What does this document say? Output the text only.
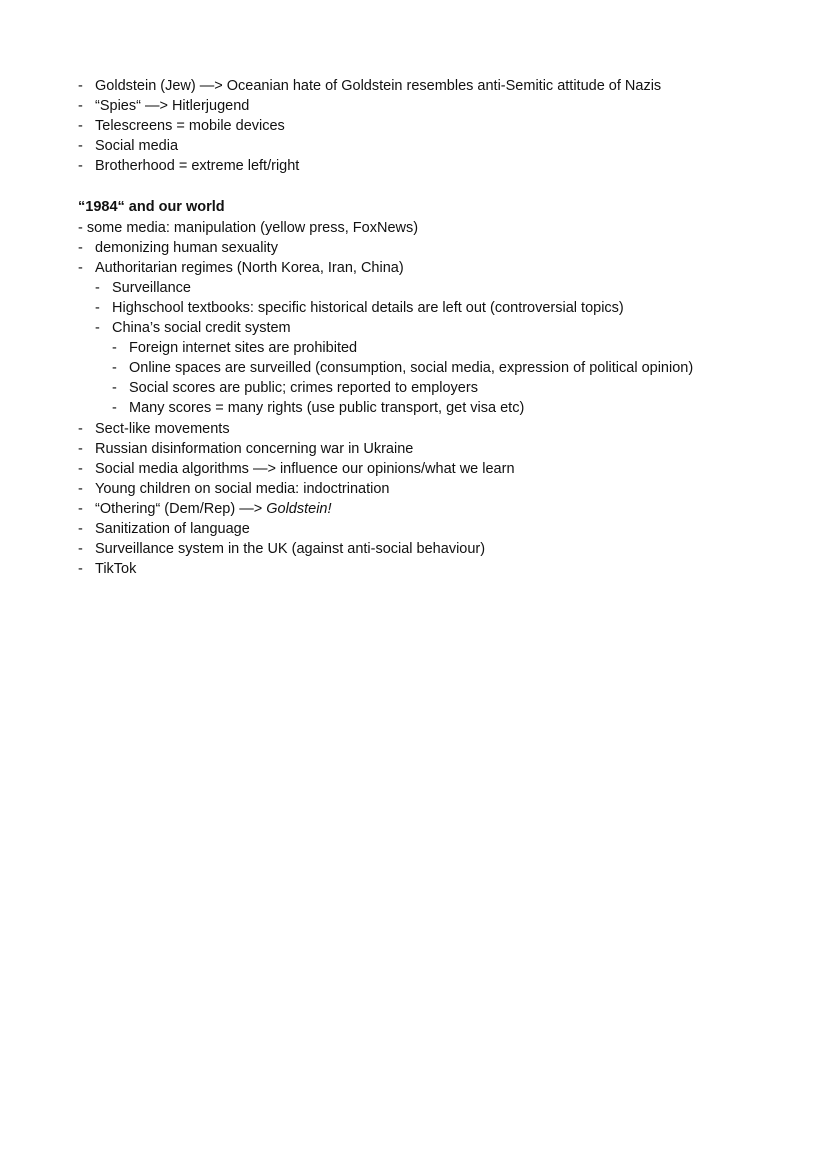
- Goldstein (Jew) —> Oceanian hate of Goldstein resembles anti-Semitic attitude of Nazis
- “Spies“ —> Hitlerjugend
- Telescreens = mobile devices
- Social media
- Brotherhood = extreme left/right
“1984“ and our world
- some media: manipulation (yellow press, FoxNews)
- demonizing human sexuality
- Authoritarian regimes (North Korea, Iran, China)
- Surveillance
- Highschool textbooks: specific historical details are left out (controversial topics)
- China’s social credit system
- Foreign internet sites are prohibited
- Online spaces are surveilled (consumption, social media, expression of political opinion)
- Social scores are public; crimes reported to employers
- Many scores = many rights (use public transport, get visa etc)
- Sect-like movements
- Russian disinformation concerning war in Ukraine
- Social media algorithms —> influence our opinions/what we learn
- Young children on social media: indoctrination
- “Othering“ (Dem/Rep) —> Goldstein!
- Sanitization of language
- Surveillance system in the UK (against anti-social behaviour)
- TikTok
